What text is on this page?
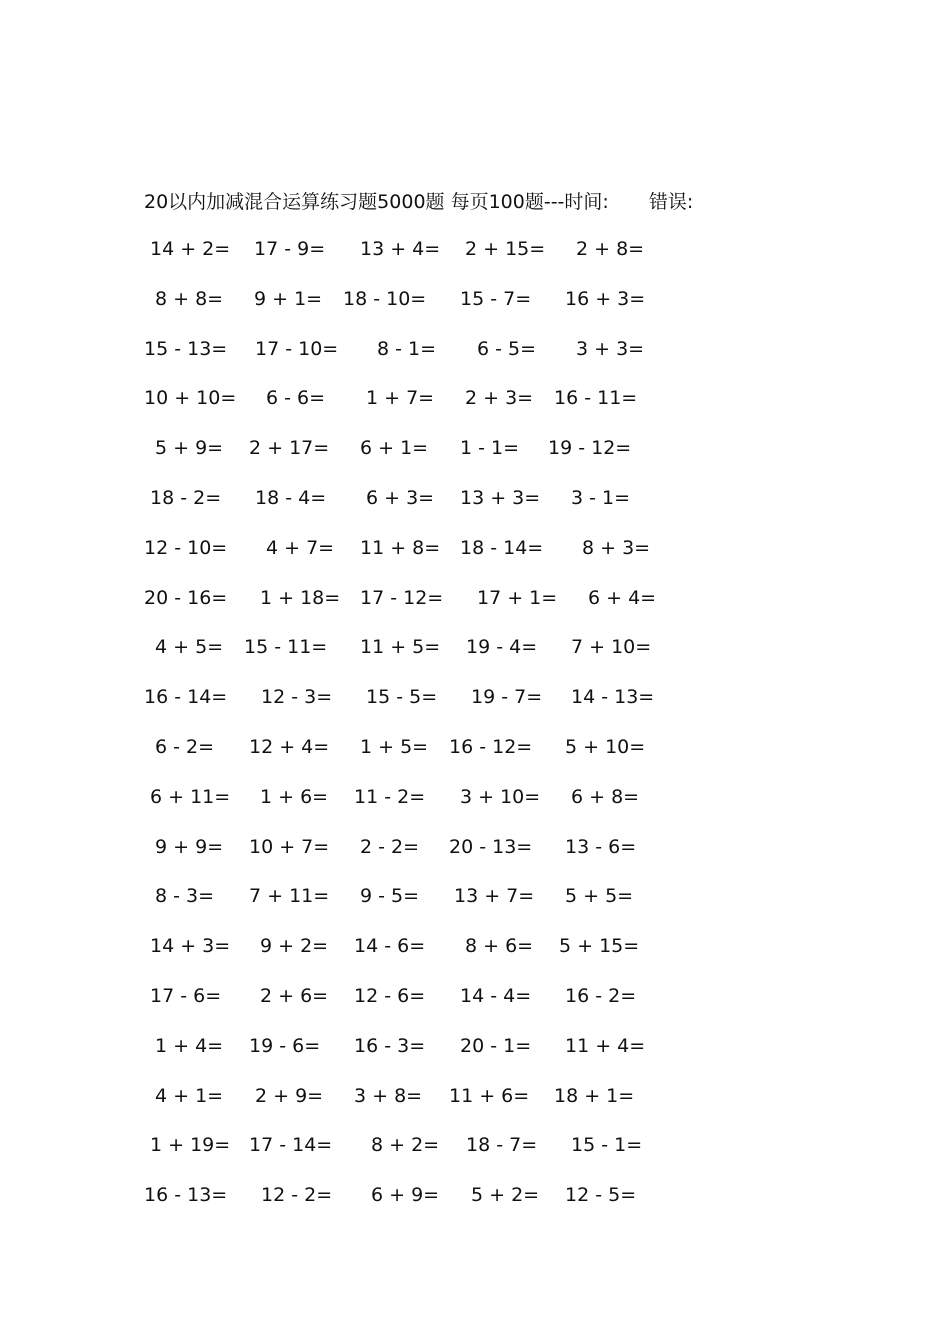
20以内加减混合运算练习题5000题 每页100题---时间: 错误:
14 + 2= 17 - 9= 13 + 4= 2 + 15= 2 + 8=
8 + 8= 9 + 1= 18 - 10= 15 - 7= 16 + 3=
15 - 13= 17 - 10= 8 - 1= 6 - 5= 3 + 3=
10 + 10= 6 - 6= 1 + 7= 2 + 3= 16 - 11=
5 + 9= 2 + 17= 6 + 1= 1 - 1= 19 - 12=
18 - 2= 18 - 4= 6 + 3= 13 + 3= 3 - 1=
12 - 10= 4 + 7= 11 + 8= 18 - 14= 8 + 3=
20 - 16= 1 + 18= 17 - 12= 17 + 1= 6 + 4=
4 + 5= 15 - 11= 11 + 5= 19 - 4= 7 + 10=
16 - 14= 12 - 3= 15 - 5= 19 - 7= 14 - 13=
6 - 2= 12 + 4= 1 + 5= 16 - 12= 5 + 10=
6 + 11= 1 + 6= 11 - 2= 3 + 10= 6 + 8=
9 + 9= 10 + 7= 2 - 2= 20 - 13= 13 - 6=
8 - 3= 7 + 11= 9 - 5= 13 + 7= 5 + 5=
14 + 3= 9 + 2= 14 - 6= 8 + 6= 5 + 15=
17 - 6= 2 + 6= 12 - 6= 14 - 4= 16 - 2=
1 + 4= 19 - 6= 16 - 3= 20 - 1= 11 + 4=
4 + 1= 2 + 9= 3 + 8= 11 + 6= 18 + 1=
1 + 19= 17 - 14= 8 + 2= 18 - 7= 15 - 1=
16 - 13= 12 - 2= 6 + 9= 5 + 2= 12 - 5=
